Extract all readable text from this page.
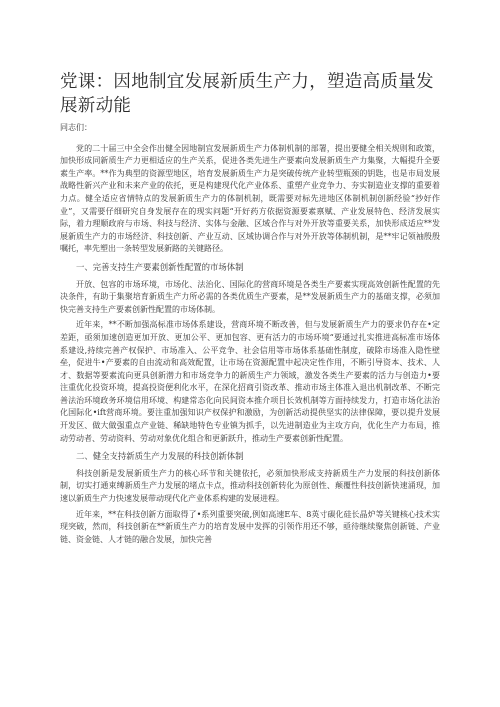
党课：因地制宜发展新质生产力，塑造高质量发展新动能

同志们：

党的二十届三中全会作出健全因地制宜发展新质生产力体制机制的部署，提出要健全相关规则和政策，加快形成同新质生产力更相适应的生产关系，促进各类先进生产要素向发展新质生产力集聚，大幅提升全要素生产率。**作为典型的资源型地区，培育发展新质生产力是突破传统产业转型瓶颈的钥匙，也是市局发展战略性新兴产业和未来产业的依托，更是构建现代化产业体系、重塑产业竞争力、夯实制造业支撑的重要着力点。健全适应省情特点的发展新质生产力的体制机制，既需要对标先进地区体制机制创新经验“抄好作业”，又需要仔细研究自身发展存在的现实问题“开好药方依据资源要素禀赋、产业发展特色、经济发展实际，着力理顺政府与市场、科技与经济、实体与金融、区域合作与对外开放等重要关系，加快形成适应**发展新质生产力的市场经济、科技创新、产业互动、区域协调合作与对外开放等体制机制，是**牢记领袖殷殷嘱托，率先塑出一条转型发展新路的关键路径。

一、完善支持生产要素创新性配置的市场体制

开放、包容的市场环境，市场化、法治化、国际化的营商环境是各类生产要素实现高效创新性配置的先决条件，有助于集聚培育新质生产力所必需的各类优质生产要素，是**发展新质生产力的基础支撑，必须加快完善支持生产要素创新性配置的市场体制。

近年来，**不断加强高标准市场体系建设，营商环境不断改善，但与发展新质生产力的要求仍存在•定差距，亟须加速创造更加开放、更加公平、更加包容、更有活力的市场环境“要通过扎实推进高标准市场体系建设,持续完善产权保护、市场准入、公平竞争、社会信用等市场体系基础性制度，破除市场准入隐性壁垒，促进牛•产要素的自由流动和高效配置，让市场在资源配置中起决定性作用，不断引导资本、技术、人才、数据等要素流向更具创新潜力和市场竞争力的新质生产力领域，激发各类生产要素的活力与创造力•要注重优化投资环境，提高投资便利化水平，在深化招商引资改革、推动市场主体准入退出机制改革、不断完善法治环境政务环境信用环境、构建常态化向民间资本推介项目长效机制等方面持续发力，打造市场化法治化国际化•ift营商环境。要注重加强知识产权保护和激励，为创新活动提供坚实的法律保障，要以提升发展开发区、做大做强重点产业链、稀缺地特色专业镇为抓手，以先进制造业为主攻方向，优化生产力布局，推动劳动者、劳动资料、劳动对象优化组合和更新跃升，推动生产要素创新性配置。

二、健全支持新质生产力发展的科技创新体制

科技创新是发展新质生产力的核心环节和关键依托，必须加快形成支持新质生产力发展的科技创新体制，切实打通束缚新质生产力发展的堵点卡点，推动科技创新转化为原创性、颠覆性科技创新快速涌现，加速以新质生产力快速发展带动现代化产业体系构建的发展进程。

近年来，**在科技创新方面取得了•系列重要突破,例如高速E车、8英寸碳化硅长晶炉等关键核心技术实现突破，然而，科技创新在**新质生产力的培育发展中发挥的引领作用还不够，亟待继续聚焦创新链、产业链、资金链、人才链的融合发展，加快完善
